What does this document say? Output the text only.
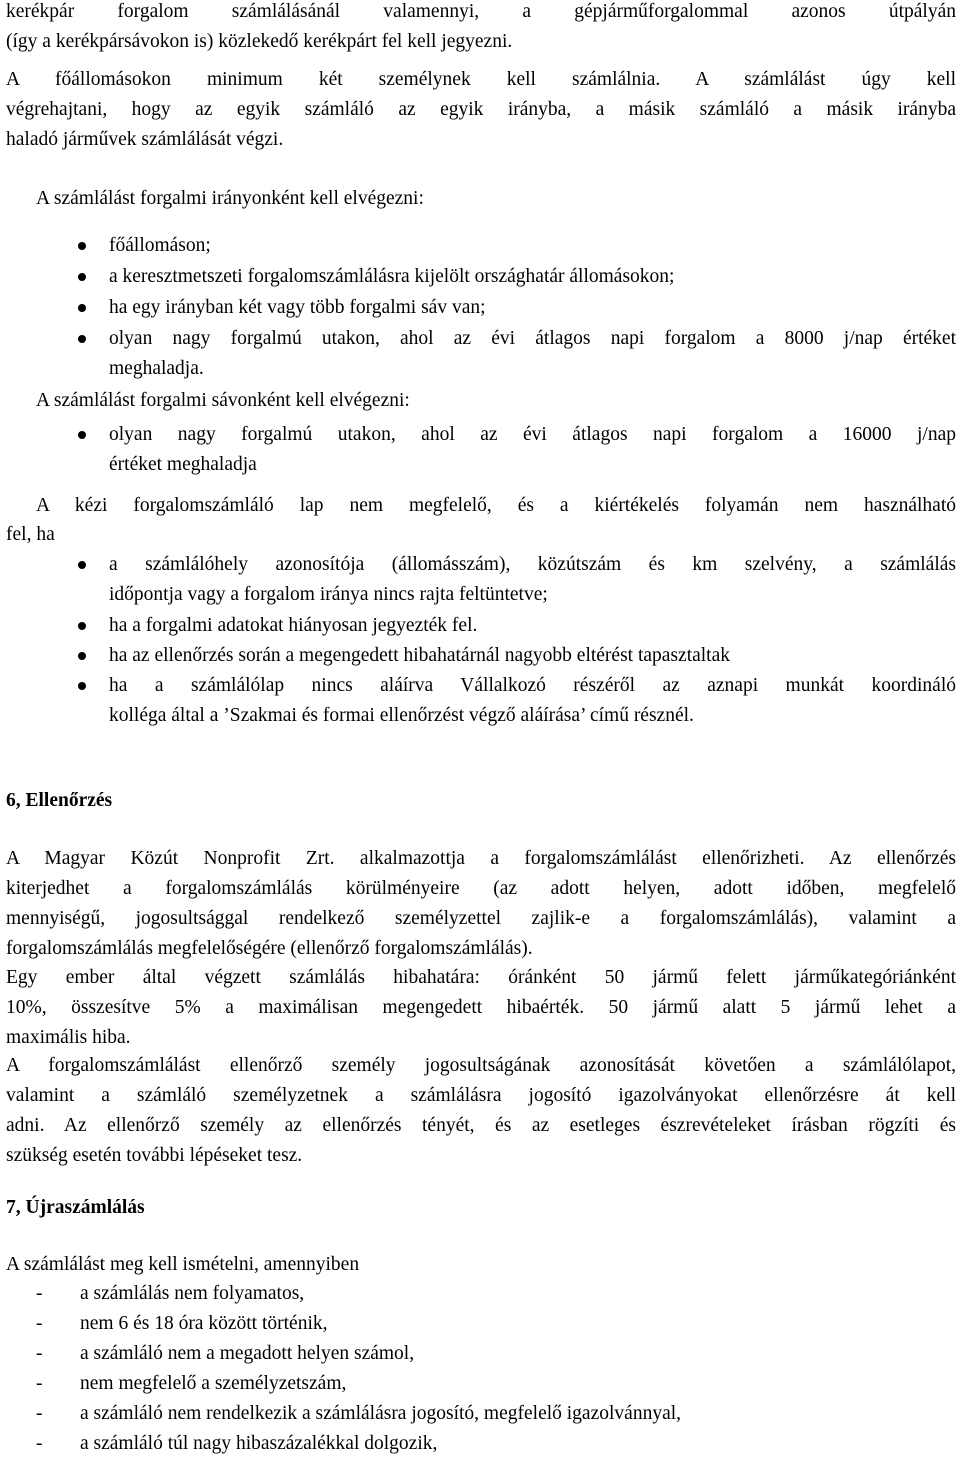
kerékpár forgalom számlálásánál valamennyi, a gépjárműforgalommal azonos útpályán
(így a kerékpársávokon is) közlekedő kerékpárt fel kell jegyezni.
A főállomásokon minimum két személynek kell számlálnia. A számlálást úgy kell
végrehajtani, hogy az egyik számláló az egyik irányba, a másik számláló a másik irányba
haladó járművek számlálását végzi.
A számlálást forgalmi irányonként kell elvégezni:
főállomáson;
a keresztmetszeti forgalomszámlálásra kijelölt országhatár állomásokon;
ha egy irányban két vagy több forgalmi sáv van;
olyan nagy forgalmú utakon, ahol az évi átlagos napi forgalom a 8000 j/nap értéket
meghaladja.
A számlálást forgalmi sávonként kell elvégezni:
olyan nagy forgalmú utakon, ahol az évi átlagos napi forgalom a 16000 j/nap
értéket meghaladja
A kézi forgalomszámláló lap nem megfelelő, és a kiértékelés folyamán nem használható
fel, ha
a számlálóhely azonosítója (állomásszám), közútszám és km szelvény, a számlálás
időpontja vagy a forgalom iránya nincs rajta feltüntetve;
ha a forgalmi adatokat hiányosan jegyezték fel.
ha az ellenőrzés során a megengedett hibahatárnál nagyobb eltérést tapasztaltak
ha a számlálólap nincs aláírva Vállalkozó részéről az aznapi munkát koordináló
kolléga által a ’Szakmai és formai ellenőrzést végző aláírása’ című résznél.
6, Ellenőrzés
A Magyar Közút Nonprofit Zrt. alkalmazottja a forgalomszámlálást ellenőrizheti. Az ellenőrzés
kiterjedhet a forgalomszámlálás körülményeire (az adott helyen, adott időben, megfelelő
mennyiségű, jogosultsággal rendelkező személyzettel zajlik-e a forgalomszámlálás), valamint a
forgalomszámlálás megfelelőségére (ellenőrző forgalomszámlálás).
Egy ember által végzett számlálás hibahatára: óránként 50 jármű felett járműkategóriánként
10%, összesítve 5% a maximálisan megengedett hibaérték. 50 jármű alatt 5 jármű lehet a
maximális hiba.
A forgalomszámlálást ellenőrző személy jogosultságának azonosítását követően a számlálólapot,
valamint a számláló személyzetnek a számlálásra jogosító igazolványokat ellenőrzésre át kell
adni. Az ellenőrző személy az ellenőrzés tényét, és az esetleges észrevételeket írásban rögzíti és
szükség esetén további lépéseket tesz.
7, Újraszámlálás
A számlálást meg kell ismételni, amennyiben
- a számlálás nem folyamatos,
- nem 6 és 18 óra között történik,
- a számláló nem a megadott helyen számol,
- nem megfelelő a személyzetszám,
- a számláló nem rendelkezik a számlálásra jogosító, megfelelő igazolvánnyal,
- a számláló túl nagy hibaszázalékkal dolgozik,
